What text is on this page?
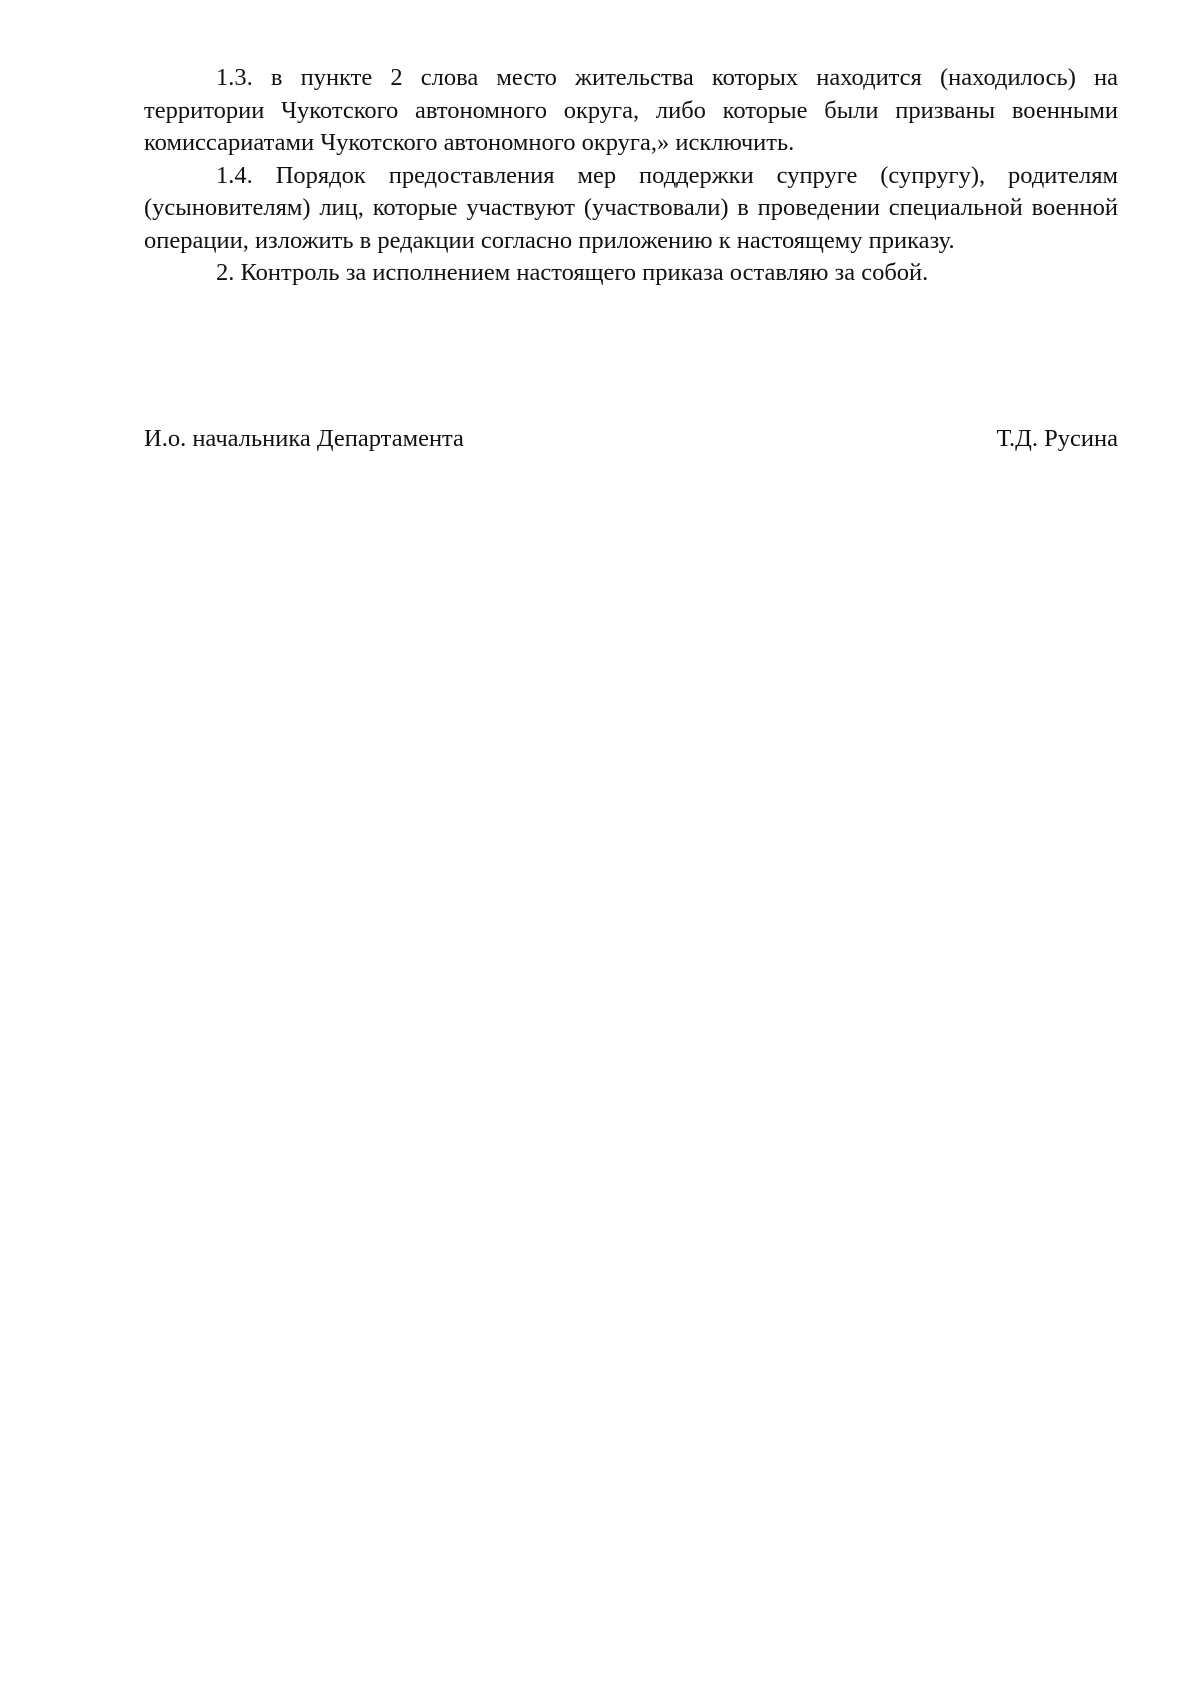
1.3. в пункте 2 слова место жительства которых находится (находилось) на территории Чукотского автономного округа, либо которые были призваны военными комиссариатами Чукотского автономного округа,» исключить.

1.4. Порядок предоставления мер поддержки супруге (супругу), родителям (усыновителям) лиц, которые участвуют (участвовали) в проведении специальной военной операции, изложить в редакции согласно приложению к настоящему приказу.

2. Контроль за исполнением настоящего приказа оставляю за собой.

И.о. начальника Департамента	Т.Д. Русина
